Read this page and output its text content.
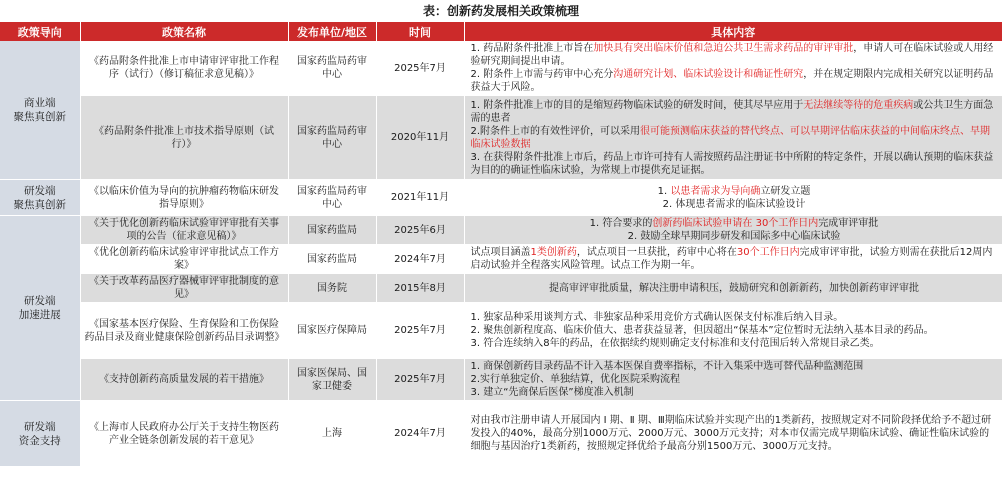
表：创新药发展相关政策梳理
政策导向	政策名称	发布单位/地区	时间	具体内容
商业端
聚焦真创新	《药品附条件批准上市申请审评审批工作程序（试行）（修订稿征求意见稿）》	国家药监局药审中心	2025年7月	1. 药品附条件批准上市旨在加快具有突出临床价值和急迫公共卫生需求药品的审评审批，申请人可在临床试验或人用经验研究期间提出申请。
2. 附条件上市需与药审中心充分沟通研究计划、临床试验设计和确证性研究，并在规定期限内完成相关研究以证明药品获益大于风险。

	《药品附条件批准上市技术指导原则（试行）》	国家药监局药审中心	2020年11月	1. 附条件批准上市的目的是缩短药物临床试验的研发时间，使其尽早应用于无法继续等待的危重疾病或公共卫生方面急需的患者
2.附条件上市的有效性评价，可以采用很可能预测临床获益的替代终点、可以早期评估临床获益的中间临床终点、早期临床试验数据
3. 在获得附条件批准上市后，药品上市许可持有人需按照药品注册证书中所附的特定条件，开展以确认预期的临床获益为目的的确证性临床试验，为常规上市提供充足证据。

研发端
聚焦真创新	《以临床价值为导向的抗肿瘤药物临床研发指导原则》	国家药监局药审中心	2021年11月	1. 以患者需求为导向确立研发立题
2. 体现患者需求的临床试验设计

研发端
加速进展	《关于优化创新药临床试验审评审批有关事项的公告（征求意见稿）》	国家药监局	2025年6月	1. 符合要求的创新药临床试验申请在 30个工作日内完成审评审批
2. 鼓励全球早期同步研发和国际多中心临床试验

	《优化创新药临床试验审评审批试点工作方案》	国家药监局	2024年7月	试点项目涵盖1类创新药，试点项目一旦获批，药审中心将在30个工作日内完成审评审批，试验方则需在获批后12周内启动试验并全程落实风险管理。试点工作为期一年。

	《关于改革药品医疗器械审评审批制度的意见》	国务院	2015年8月	提高审评审批质量，解决注册申请积压，鼓励研究和创新新药，加快创新药审评审批

	《国家基本医疗保险、生育保险和工伤保险药品目录及商业健康保险创新药品目录调整》	国家医疗保障局	2025年7月	1. 独家品种采用谈判方式、非独家品种采用竞价方式确认医保支付标准后纳入目录。
2. 聚焦创新程度高、临床价值大、患者获益显著，但因超出“保基本”定位暂时无法纳入基本目录的药品。
3. 符合连续纳入8年的药品，在依据续约规则确定支付标准和支付范围后转入常规目录乙类。

	《支持创新药高质量发展的若干措施》	国家医保局、国家卫健委	2025年7月	1. 商保创新药目录药品不计入基本医保自费率指标，不计入集采中选可替代品种监测范围
2.实行单独定价、单独结算，优化医院采购流程
3. 建立“先商保后医保”梯度准入机制

研发端
资金支持	《上海市人民政府办公厅关于支持生物医药产业全链条创新发展的若干意见》	上海	2024年7月	对由我市注册申请人开展国内 Ⅰ 期、Ⅱ 期、Ⅲ期临床试验并实现产出的1类新药，按照规定对不同阶段择优给予不超过研发投入的40%，最高分别1000万元、2000万元、3000万元支持；对本市仅需完成早期临床试验、确证性临床试验的细胞与基因治疗1类新药，按照规定择优给予最高分别1500万元、3000万元支持。
